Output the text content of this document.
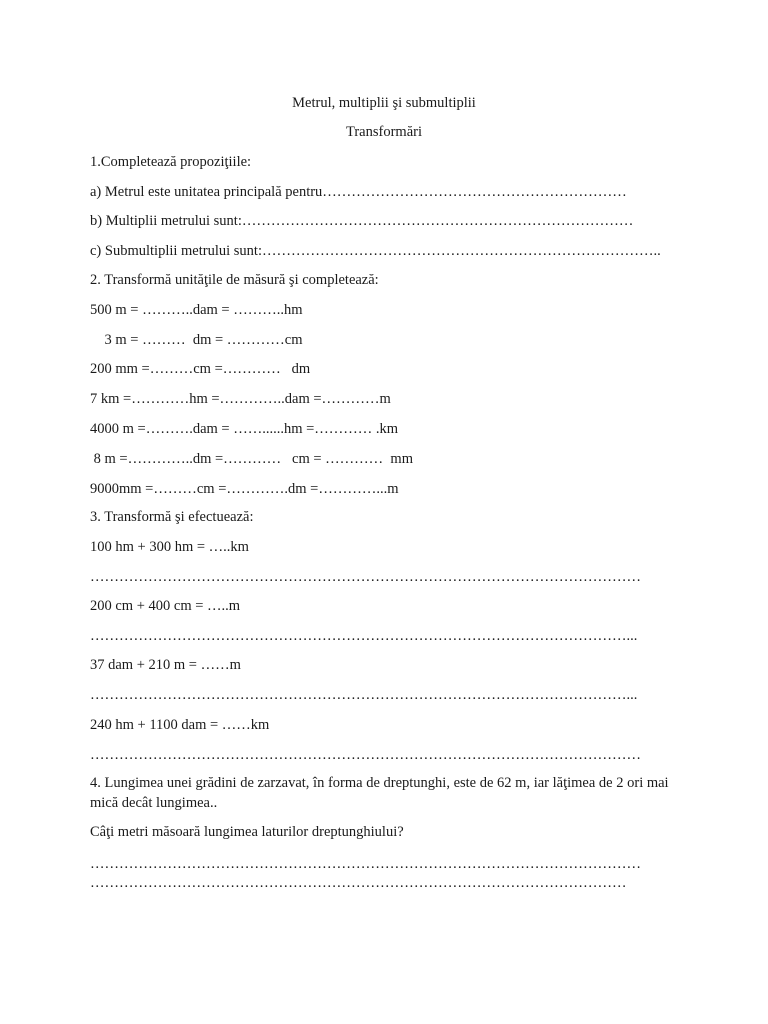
Metrul, multiplii şi submultiplii
Transformări
1.Completează propoziţiile:
a) Metrul este unitatea principală pentru………………………………………………………
b) Multiplii metrului sunt:………………………………………………………………………
c) Submultiplii metrului sunt:………………………………………………………………………..
2. Transformă unităţile de măsură şi completează:
500 m = ………..dam = ………..hm
3 m = ………  dm = …………cm
200 mm =………cm =…………   dm
7 km =…………hm =…………..dam =…………m
4000 m =……….dam = ……......hm =………… .km
8 m =…………..dm =…………   cm = …………  mm
9000mm =………cm =………….dm =…………...m
3. Transformă şi efectuează:
100 hm + 300 hm = …..km
……………………………………………………………………………………………………
200 cm + 400 cm = …..m
…………………………………………………………………………………………………...
37 dam + 210 m = ……m
…………………………………………………………………………………………………...
240 hm + 1100 dam = ……km
……………………………………………………………………………………………………
4. Lungimea unei grădini de zarzavat, în forma de dreptunghi, este de 62 m, iar lăţimea de 2 ori mai mică decât lungimea..
Câţi metri măsoară lungimea laturilor dreptunghiului?
……………………………………………………………………………………………………
…………………………………………………………………………………………………
